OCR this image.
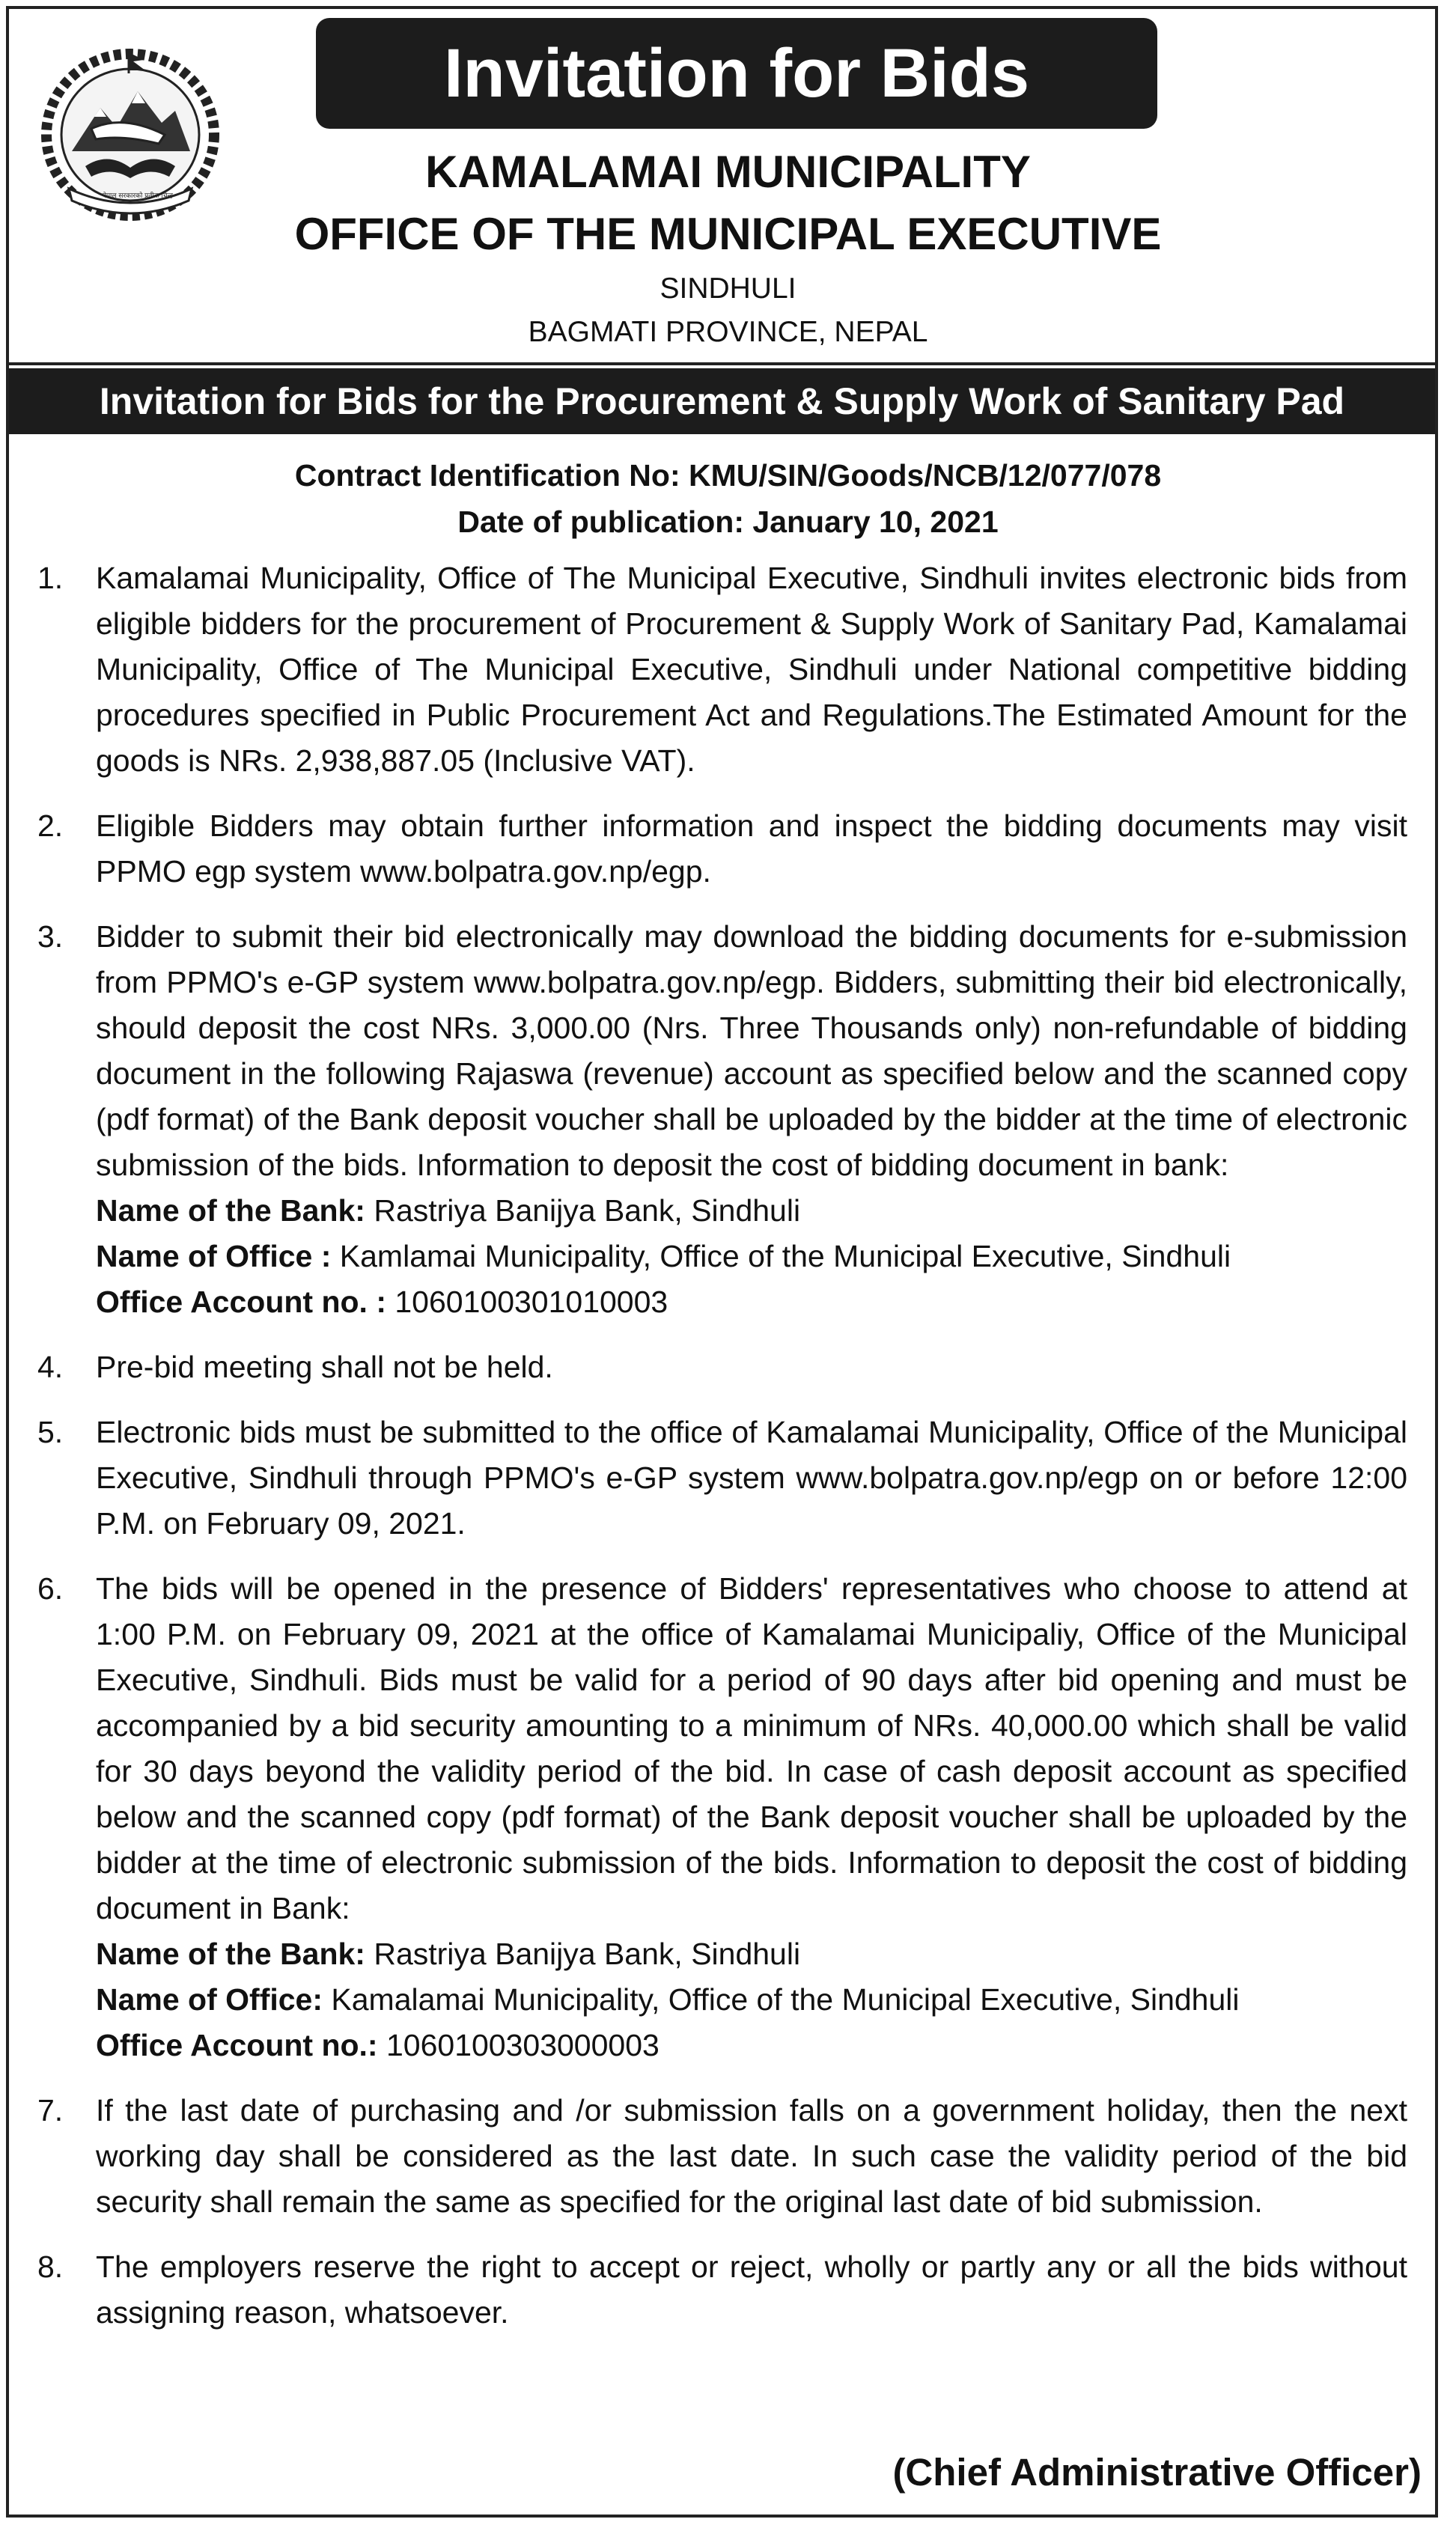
नेपाल सरकारको प्रतीक चिन्ह
Invitation for Bids
KAMALAMAI MUNICIPALITY
OFFICE OF THE MUNICIPAL EXECUTIVE
SINDHULI
BAGMATI PROVINCE, NEPAL
Invitation for Bids for the Procurement & Supply Work of Sanitary Pad
Contract Identification No: KMU/SIN/Goods/NCB/12/077/078
Date of publication: January 10, 2021
1. Kamalamai Municipality, Office of The Municipal Executive, Sindhuli invites electronic bids from eligible bidders for the procurement of Procurement & Supply Work of Sanitary Pad, Kamalamai Municipality, Office of The Municipal Executive, Sindhuli under National competitive bidding procedures specified in Public Procurement Act and Regulations.The Estimated Amount for the goods is NRs. 2,938,887.05 (Inclusive VAT).
2. Eligible Bidders may obtain further information and inspect the bidding documents may visit PPMO egp system www.bolpatra.gov.np/egp.
3. Bidder to submit their bid electronically may download the bidding documents for e-submission from PPMO's e-GP system www.bolpatra.gov.np/egp. Bidders, submitting their bid electronically, should deposit the cost NRs. 3,000.00 (Nrs. Three Thousands only) non-refundable of bidding document in the following Rajaswa (revenue) account as specified below and the scanned copy (pdf format) of the Bank deposit voucher shall be uploaded by the bidder at the time of electronic submission of the bids. Information to deposit the cost of bidding document in bank:
Name of the Bank: Rastriya Banijya Bank, Sindhuli
Name of Office : Kamlamai Municipality, Office of the Municipal Executive, Sindhuli
Office Account no. : 1060100301010003
4. Pre-bid meeting shall not be held.
5. Electronic bids must be submitted to the office of Kamalamai Municipality, Office of the Municipal Executive, Sindhuli through PPMO's e-GP system www.bolpatra.gov.np/egp on or before 12:00 P.M. on February 09, 2021.
6. The bids will be opened in the presence of Bidders' representatives who choose to attend at 1:00 P.M. on February 09, 2021 at the office of Kamalamai Municipaliy, Office of the Municipal Executive, Sindhuli. Bids must be valid for a period of 90 days after bid opening and must be accompanied by a bid security amounting to a minimum of NRs. 40,000.00 which shall be valid for 30 days beyond the validity period of the bid. In case of cash deposit account as specified below and the scanned copy (pdf format) of the Bank deposit voucher shall be uploaded by the bidder at the time of electronic submission of the bids. Information to deposit the cost of bidding document in Bank:
Name of the Bank: Rastriya Banijya Bank, Sindhuli
Name of Office: Kamalamai Municipality, Office of the Municipal Executive, Sindhuli
Office Account no.: 1060100303000003
7. If the last date of purchasing and /or submission falls on a government holiday, then the next working day shall be considered as the last date. In such case the validity period of the bid security shall remain the same as specified for the original last date of bid submission.
8. The employers reserve the right to accept or reject, wholly or partly any or all the bids without assigning reason, whatsoever.
(Chief Administrative Officer)
